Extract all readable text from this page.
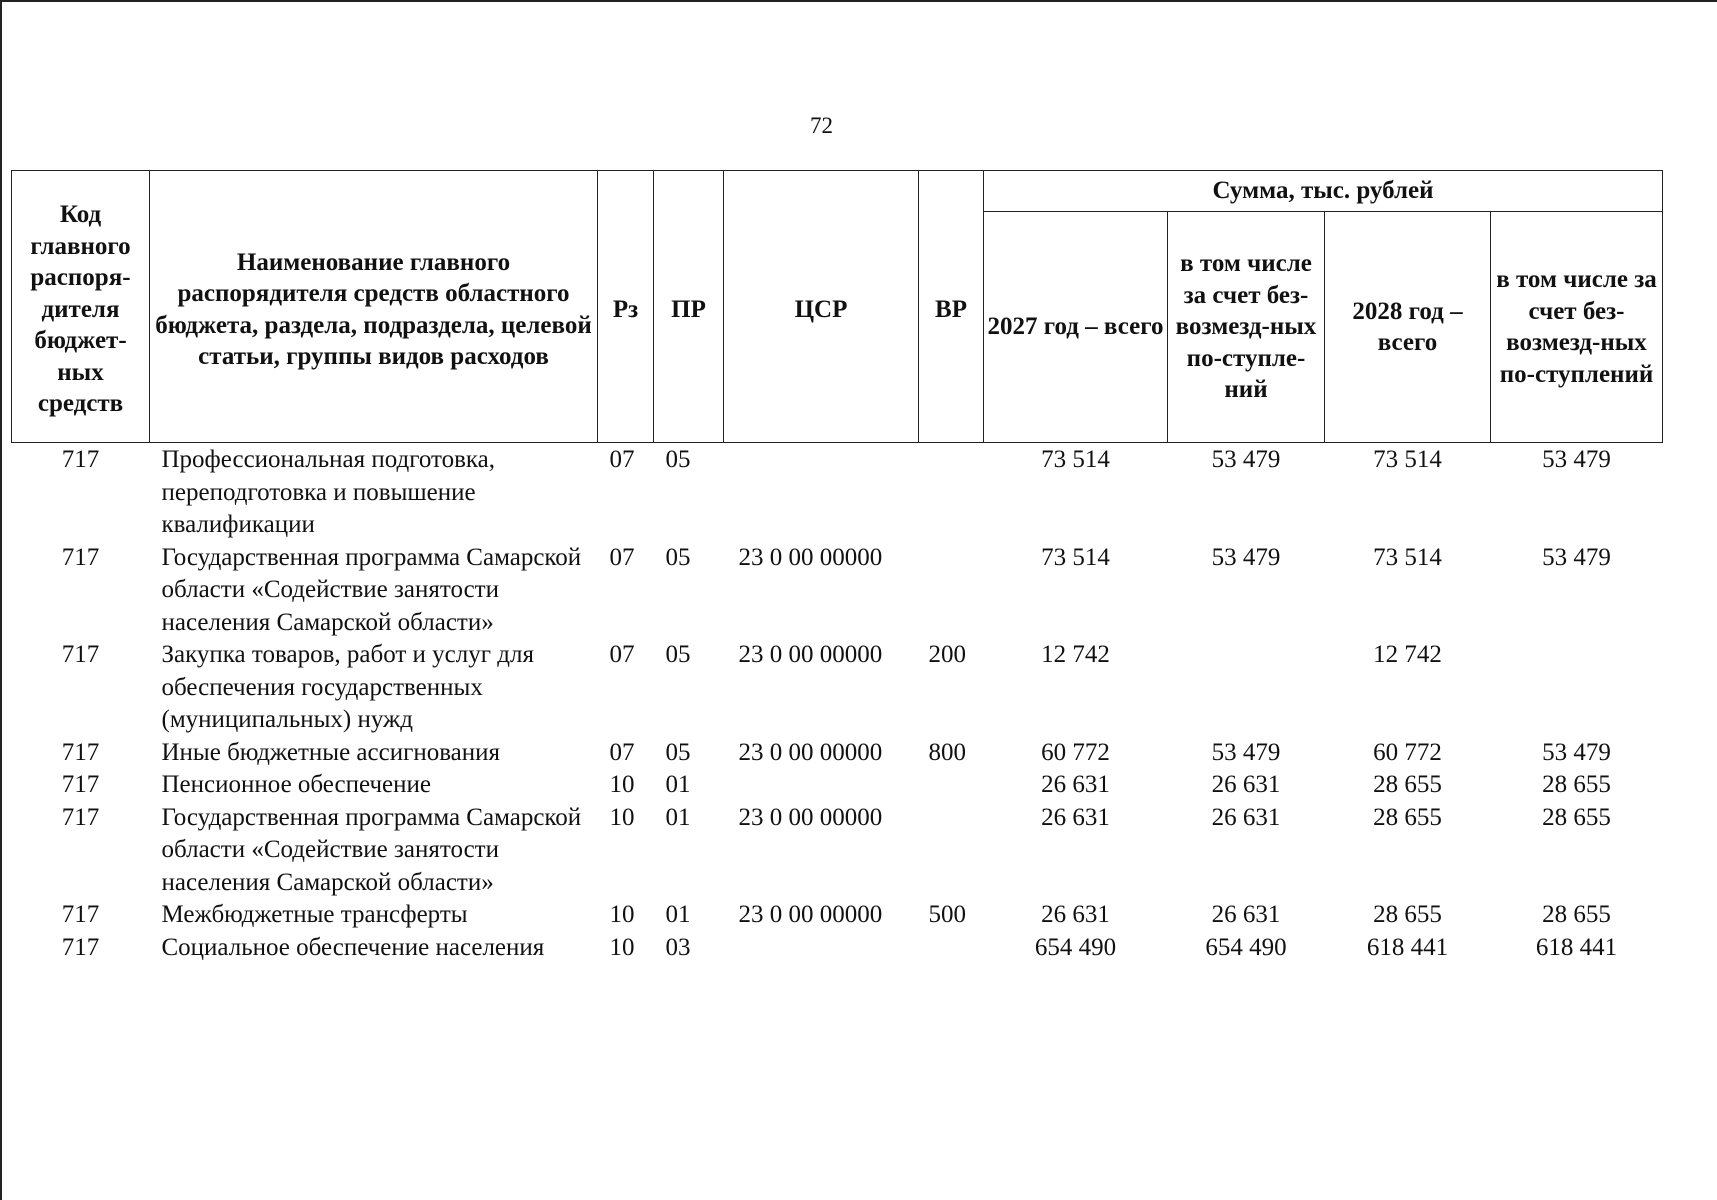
72
Код главного распоря-дителя бюджет-ных средств	Наименование главного распорядителя средств областного бюджета, раздела, подраздела, целевой статьи, группы видов расходов	Рз	ПР	ЦСР	ВР	Сумма, тыс. рублей			
						2027 год – всего	в том числе за счет без-возмезд-ных по-ступле-ний	2028 год – всего	в том числе за счет без-возмезд-ных по-ступлений
717	Профессиональная подготовка, переподготовка и повышение квалификации	07	05			73 514	53 479	73 514	53 479
717	Государственная программа Самарской области «Содействие занятости населения Самарской области»	07	05	23 0 00 00000		73 514	53 479	73 514	53 479
717	Закупка товаров, работ и услуг для обеспечения государственных (муниципальных) нужд	07	05	23 0 00 00000	200	12 742		12 742	
717	Иные бюджетные ассигнования	07	05	23 0 00 00000	800	60 772	53 479	60 772	53 479
717	Пенсионное обеспечение	10	01			26 631	26 631	28 655	28 655
717	Государственная программа Самарской области «Содействие занятости населения Самарской области»	10	01	23 0 00 00000		26 631	26 631	28 655	28 655
717	Межбюджетные трансферты	10	01	23 0 00 00000	500	26 631	26 631	28 655	28 655
717	Социальное обеспечение населения	10	03			654 490	654 490	618 441	618 441
